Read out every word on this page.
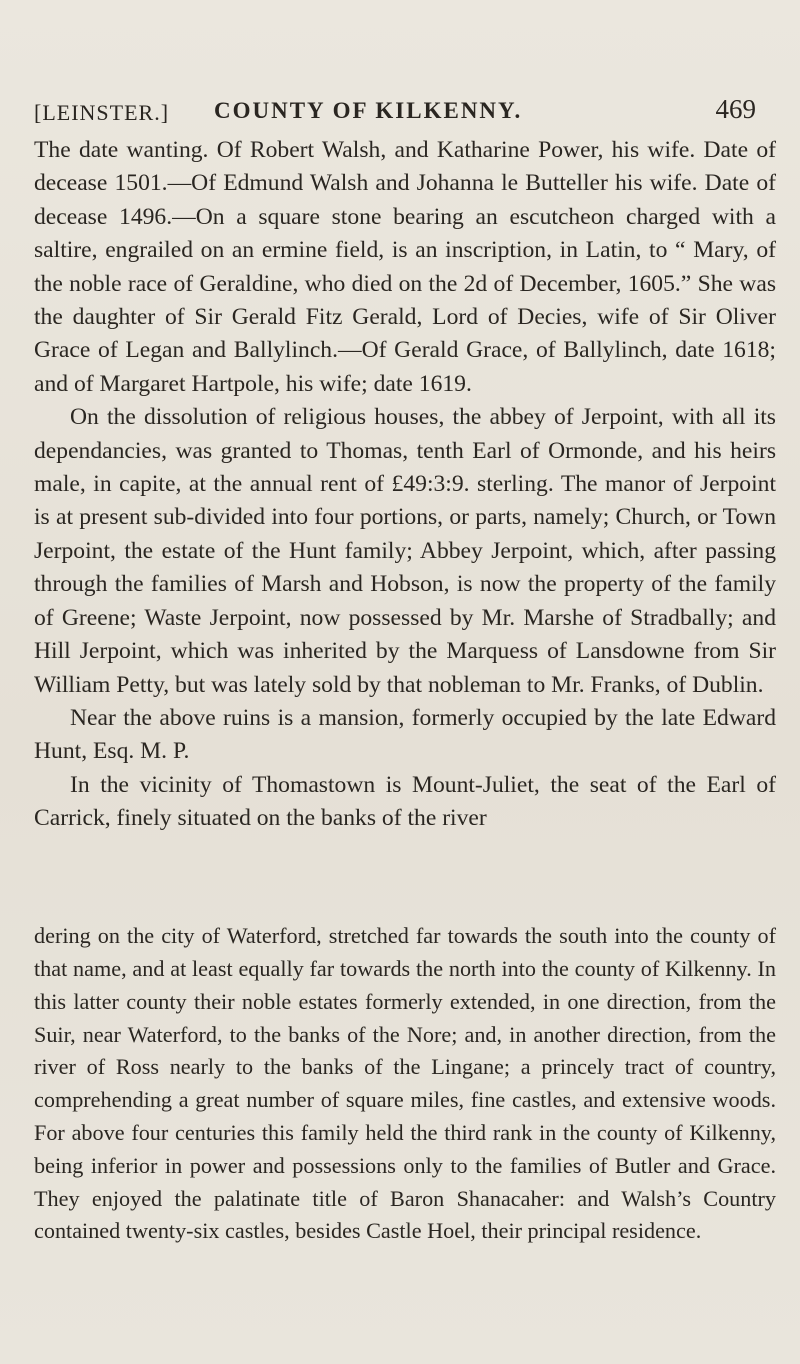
[LEINSTER.] COUNTY OF KILKENNY.	469

The date wanting. Of Robert Walsh, and Katharine Power, his wife. Date of decease 1501.—Of Edmund Walsh and Johanna le Butteller his wife. Date of decease 1496.—On a square stone bearing an escutcheon charged with a saltire, engrailed on an ermine field, is an inscription, in Latin, to “ Mary, of the noble race of Geraldine, who died on the 2d of December, 1605.” She was the daughter of Sir Gerald Fitz Gerald, Lord of Decies, wife of Sir Oliver Grace of Legan and Ballylinch.—Of Gerald Grace, of Ballylinch, date 1618; and of Margaret Hartpole, his wife; date 1619.

On the dissolution of religious houses, the abbey of Jerpoint, with all its dependancies, was granted to Thomas, tenth Earl of Ormonde, and his heirs male, in capite, at the annual rent of £49:3:9. sterling. The manor of Jerpoint is at present sub-divided into four portions, or parts, namely; Church, or Town Jerpoint, the estate of the Hunt family; Abbey Jerpoint, which, after passing through the families of Marsh and Hobson, is now the property of the family of Greene; Waste Jerpoint, now possessed by Mr. Marshe of Stradbally; and Hill Jerpoint, which was inherited by the Marquess of Lansdowne from Sir William Petty, but was lately sold by that nobleman to Mr. Franks, of Dublin.

Near the above ruins is a mansion, formerly occupied by the late Edward Hunt, Esq. M. P.

In the vicinity of Thomastown is Mount-Juliet, the seat of the Earl of Carrick, finely situated on the banks of the river

dering on the city of Waterford, stretched far towards the south into the county of that name, and at least equally far towards the north into the county of Kilkenny. In this latter county their noble estates formerly extended, in one direction, from the Suir, near Waterford, to the banks of the Nore; and, in another direction, from the river of Ross nearly to the banks of the Lingane; a princely tract of country, comprehending a great number of square miles, fine castles, and extensive woods. For above four centuries this family held the third rank in the county of Kilkenny, being inferior in power and possessions only to the families of Butler and Grace. They enjoyed the palatinate title of Baron Shanacaher: and Walsh’s Country contained twenty-six castles, besides Castle Hoel, their principal residence.
